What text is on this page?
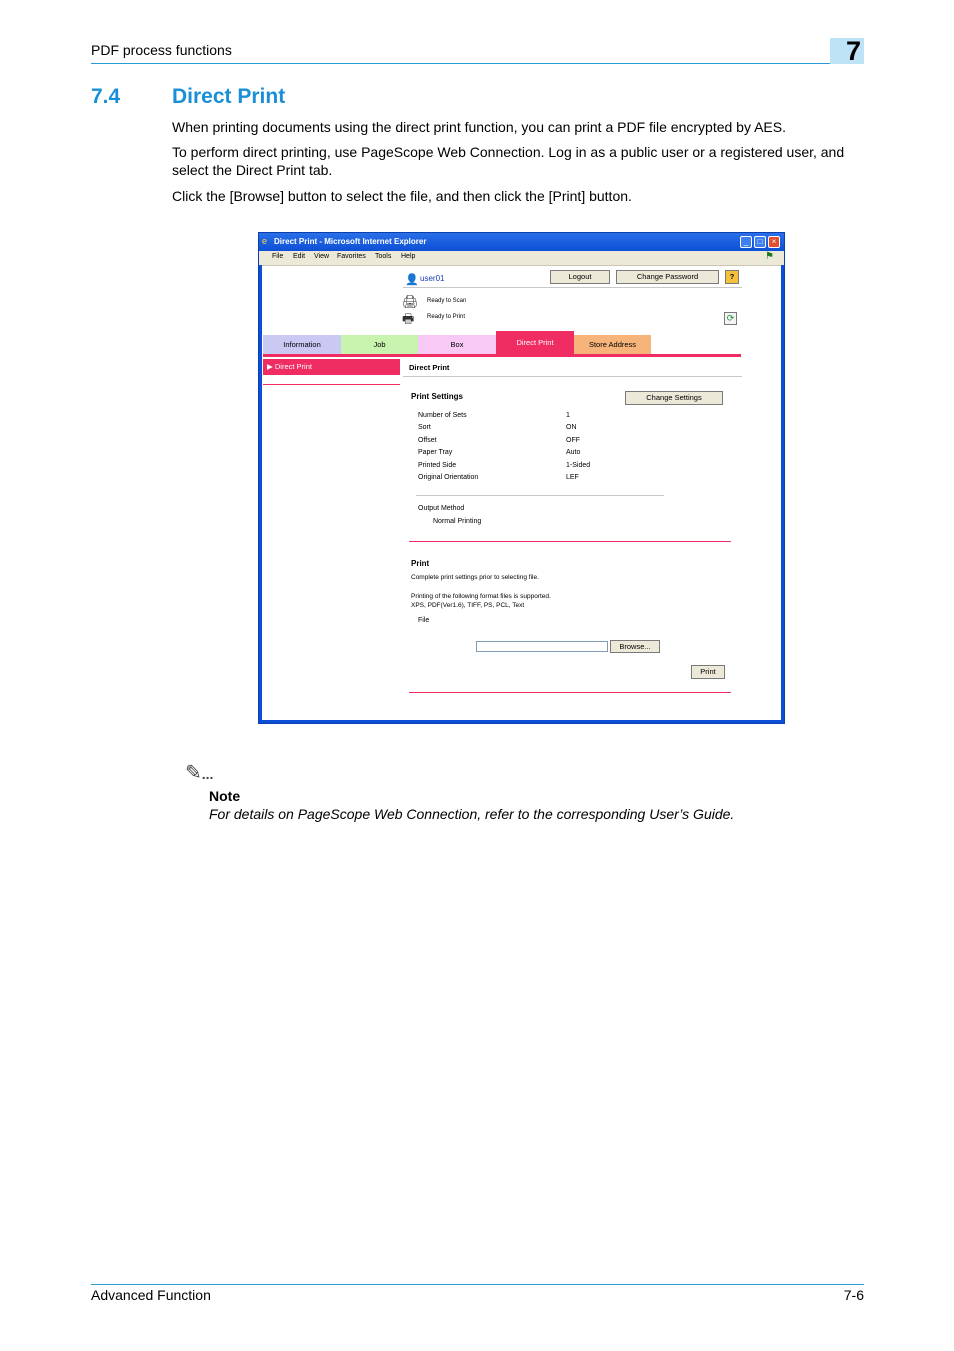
PDF process functions	7
7.4 Direct Print
When printing documents using the direct print function, you can print a PDF file encrypted by AES.
To perform direct printing, use PageScope Web Connection. Log in as a public user or a registered user, and select the Direct Print tab.
Click the [Browse] button to select the file, and then click the [Print] button.
e Direct Print - Microsoft Internet Explorer	_	□	×
File Edit View Favorites Tools Help	⚑
👤 user01	Logout	Change Password	?
🖨 Ready to Scan
🖶 Ready to Print	⟳
Information	Job	Box	Direct Print	Store Address
▶ Direct Print	Direct Print
Print Settings	Change Settings
Number of Sets	1
Sort	ON
Offset	OFF
Paper Tray	Auto
Printed Side	1-Sided
Original Orientation	LEF
Output Method
Normal Printing
Print
Complete print settings prior to selecting file.
Printing of the following format files is supported.
XPS, PDF(Ver1.6), TIFF, PS, PCL, Text
File
Browse...
Print
✎...
Note
For details on PageScope Web Connection, refer to the corresponding User’s Guide.
Advanced Function	7-6
